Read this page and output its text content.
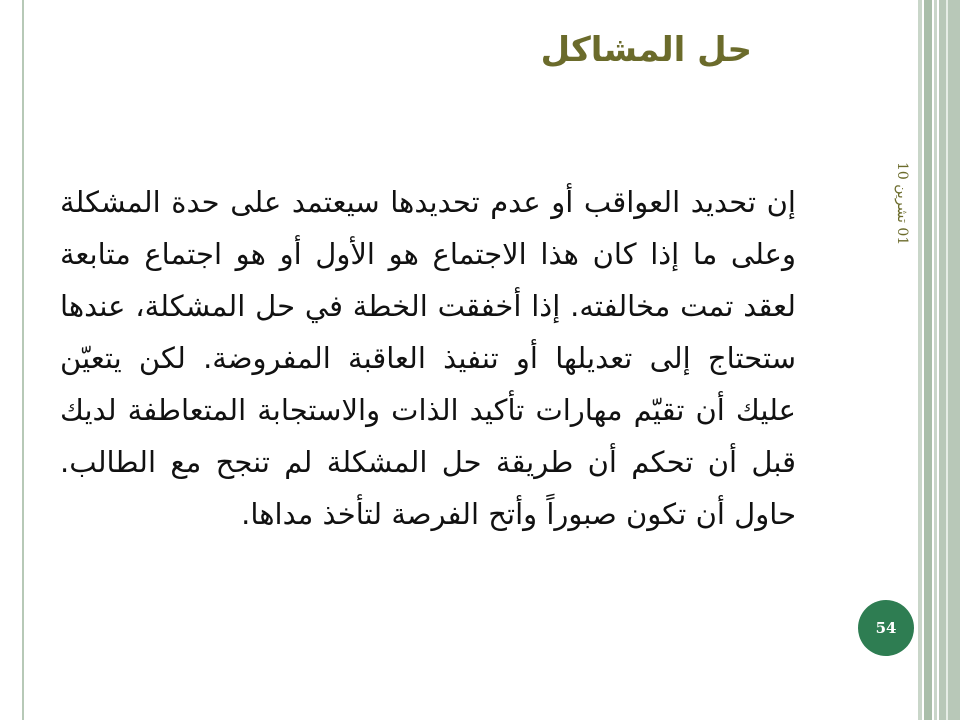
حل المشاكل
01 تشرين 10

إن تحديد العواقب أو عدم تحديدها سيعتمد على حدة المشكلة وعلى ما إذا كان هذا الاجتماع هو الأول أو هو اجتماع متابعة لعقد تمت مخالفته. إذا أخفقت الخطة في حل المشكلة، عندها ستحتاج إلى تعديلها أو تنفيذ العاقبة المفروضة. لكن يتعيّن عليك أن تقيّم مهارات تأكيد الذات والاستجابة المتعاطفة لديك قبل أن تحكم أن طريقة حل المشكلة لم تنجح مع الطالب. حاول أن تكون صبوراً وأتح الفرصة لتأخذ مداها.

54
